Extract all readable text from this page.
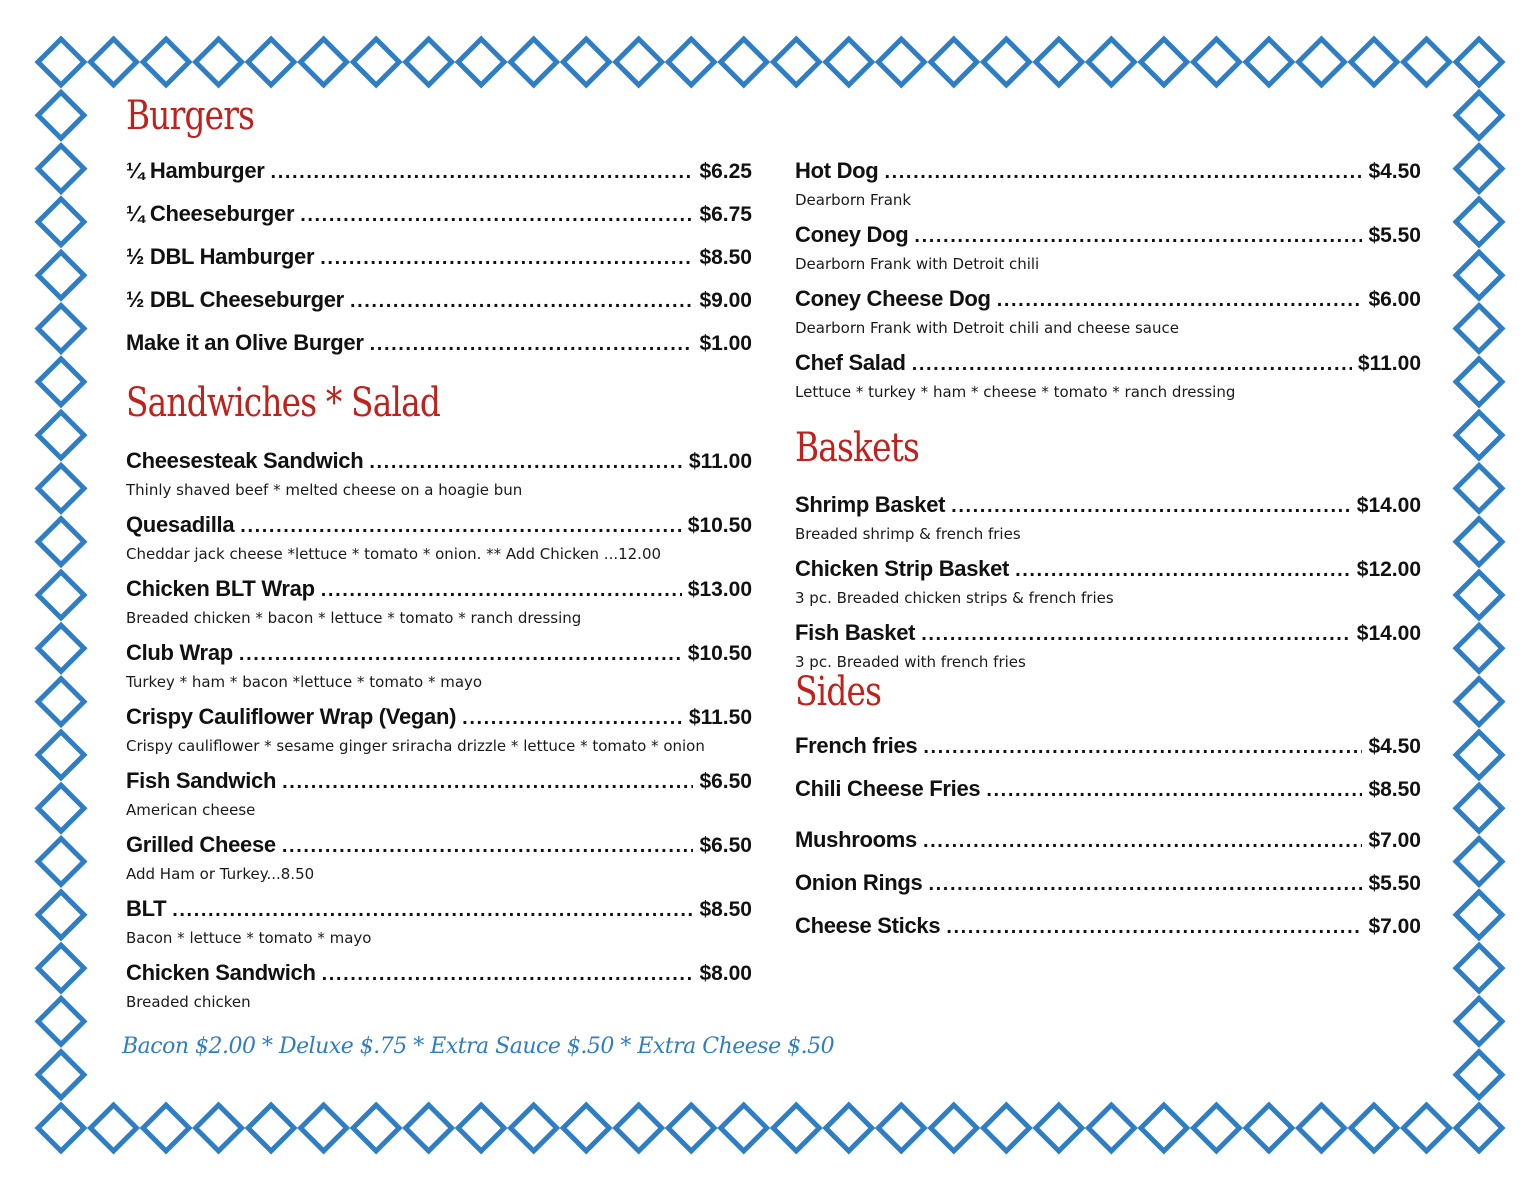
Burgers
¼ Hamburger .....	$6.25
¼ Cheeseburger .....	$6.75
½ DBL Hamburger .....	$8.50
½ DBL Cheeseburger .....	$9.00
Make it an Olive Burger .....	$1.00
Sandwiches * Salad
Cheesesteak Sandwich .....	$11.00
Thinly shaved beef * melted cheese on a hoagie bun
Quesadilla .....	$10.50
Cheddar jack cheese *lettuce * tomato * onion. ** Add Chicken ...12.00
Chicken BLT Wrap .....	$13.00
Breaded chicken * bacon * lettuce * tomato * ranch dressing
Club Wrap .....	$10.50
Turkey * ham * bacon *lettuce * tomato * mayo
Crispy Cauliflower Wrap (Vegan) .....	$11.50
Crispy cauliflower * sesame ginger sriracha drizzle * lettuce * tomato * onion
Fish Sandwich .....	$6.50
American cheese
Grilled Cheese .....	$6.50
Add Ham or Turkey...8.50
BLT .....	$8.50
Bacon * lettuce * tomato * mayo
Chicken Sandwich .....	$8.00
Breaded chicken
Hot Dog .....	$4.50
Dearborn Frank
Coney Dog .....	$5.50
Dearborn Frank with Detroit chili
Coney Cheese Dog .....	$6.00
Dearborn Frank with Detroit chili and cheese sauce
Chef Salad .....	$11.00
Lettuce * turkey * ham * cheese * tomato * ranch dressing
Baskets
Shrimp Basket .....	$14.00
Breaded shrimp & french fries
Chicken Strip Basket .....	$12.00
3 pc. Breaded chicken strips & french fries
Fish Basket .....	$14.00
3 pc. Breaded with french fries
Sides
French fries .....	$4.50
Chili Cheese Fries .....	$8.50
Mushrooms .....	$7.00
Onion Rings .....	$5.50
Cheese Sticks .....	$7.00
Bacon $2.00 * Deluxe $.75 * Extra Sauce $.50 * Extra Cheese $.50
